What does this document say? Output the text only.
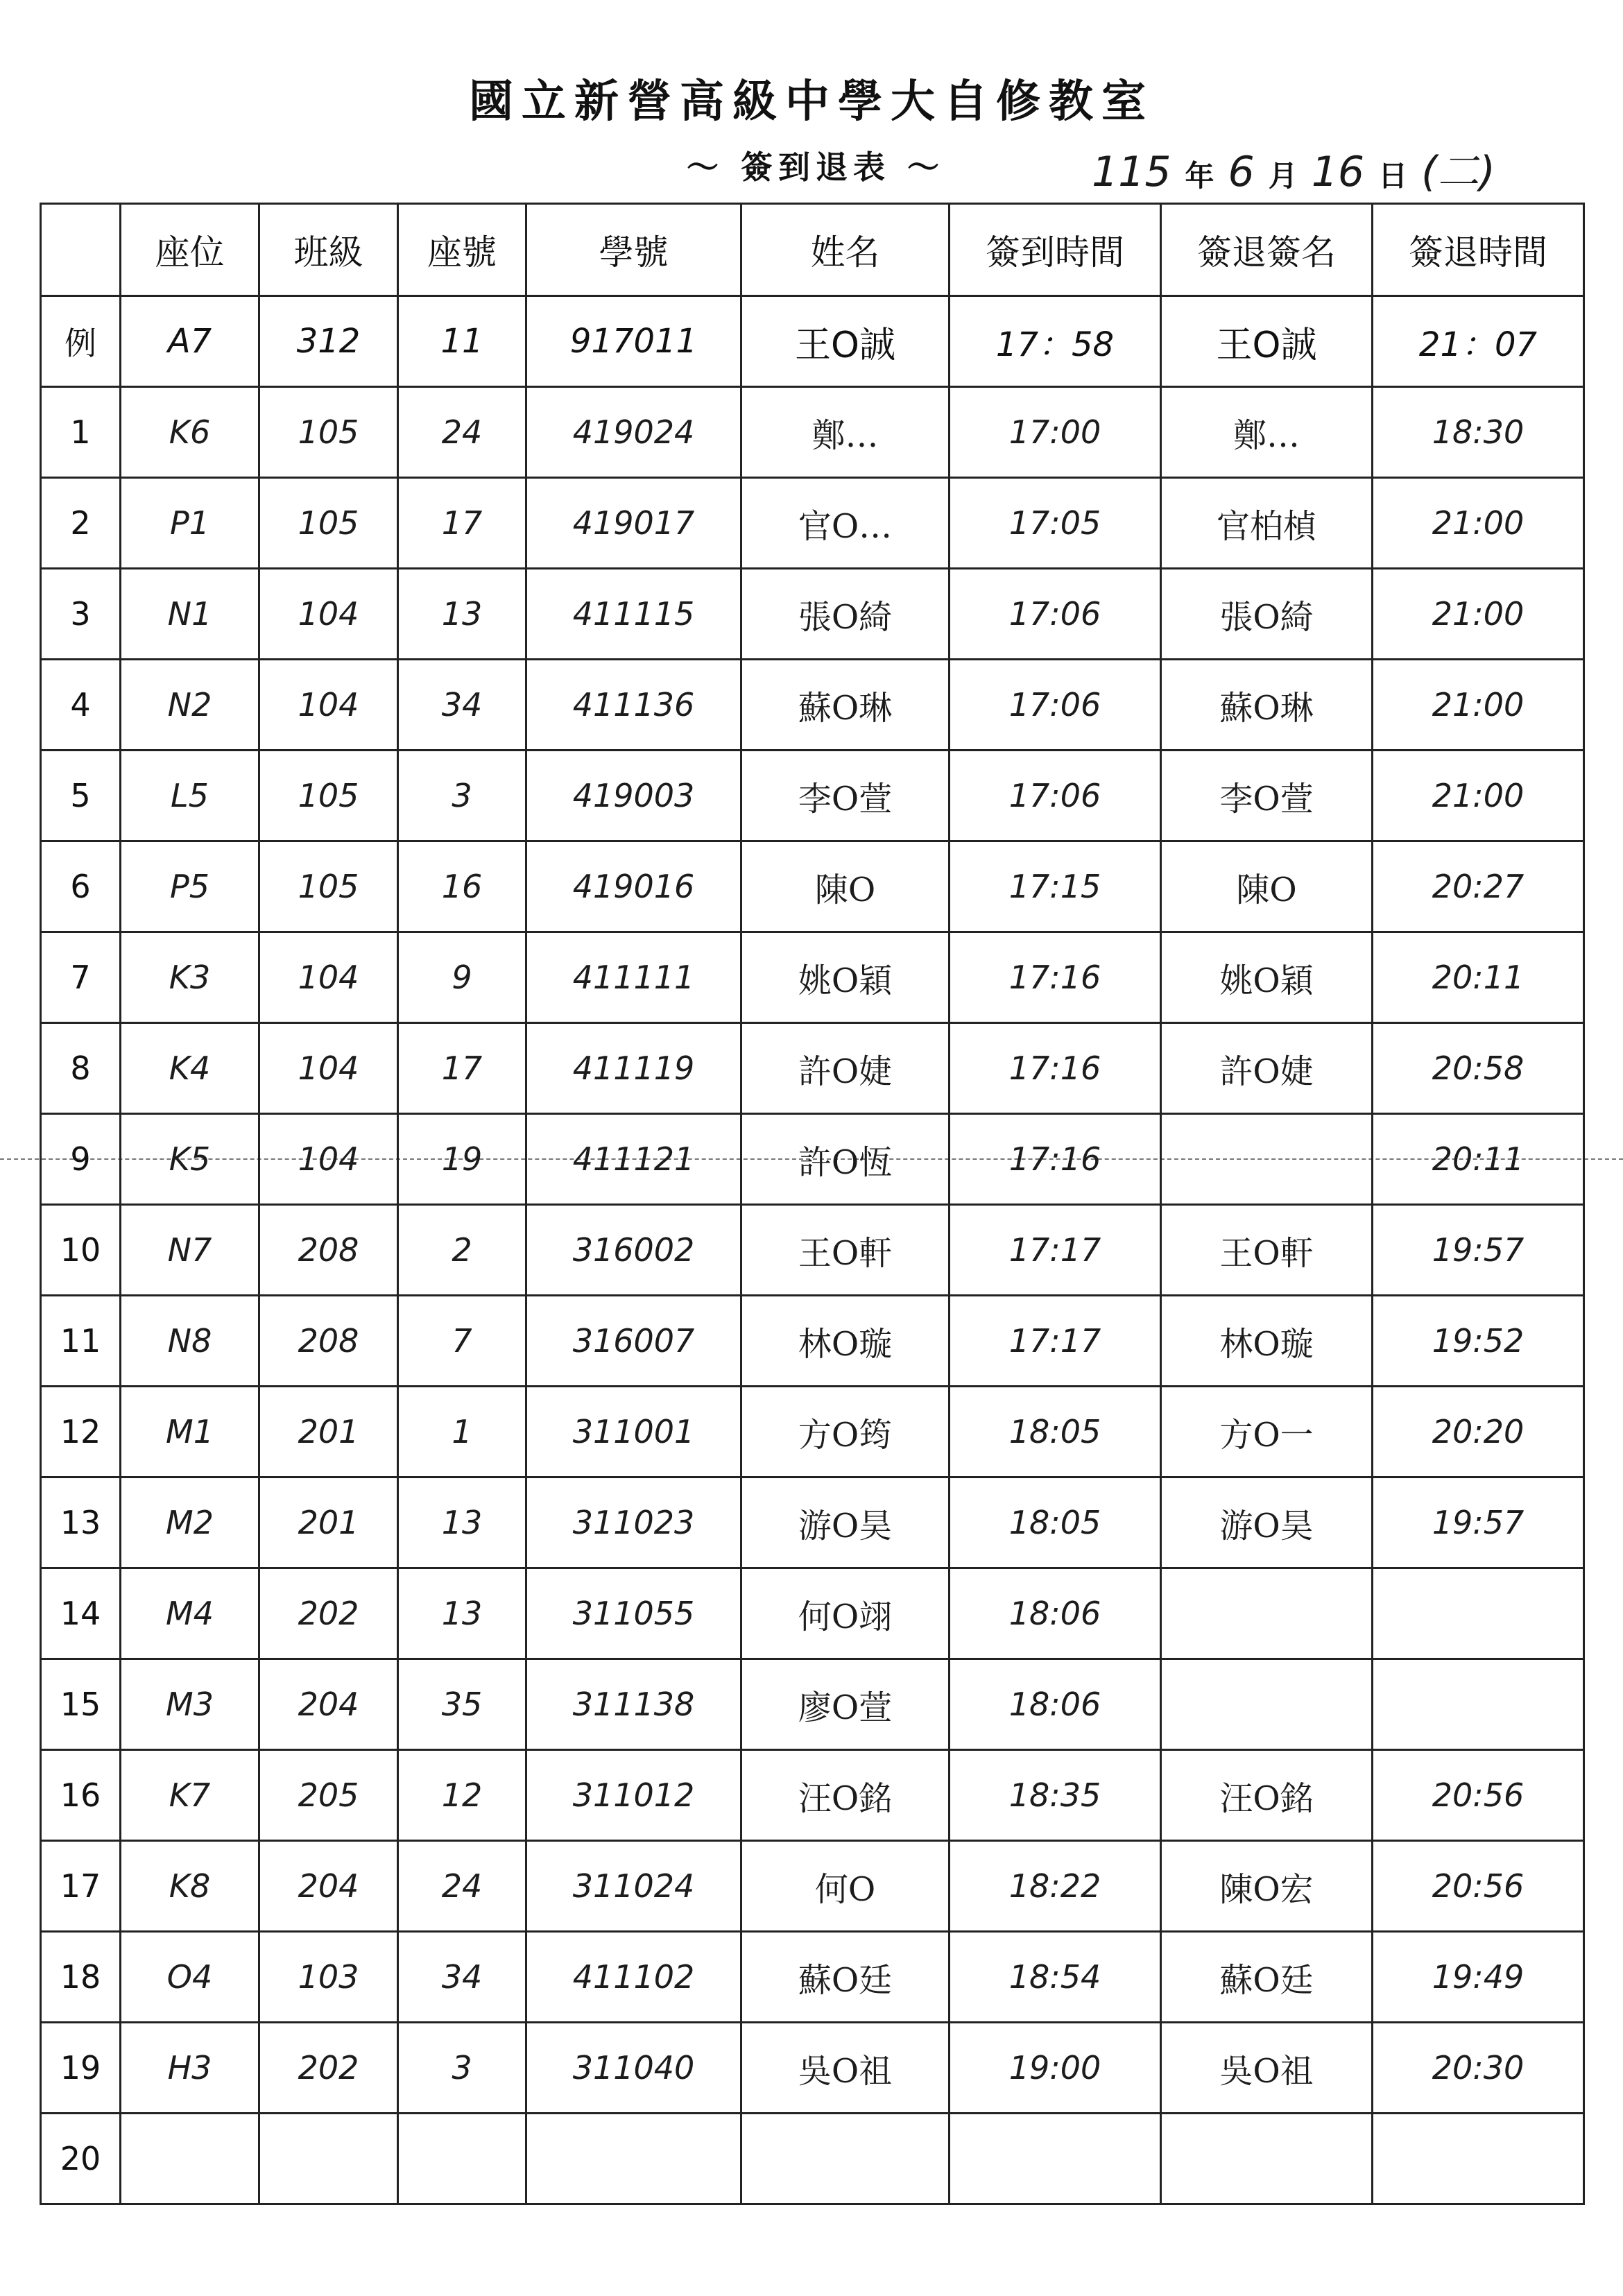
國立新營高級中學大自修教室
～ 簽到退表 ～	115 年 6 月 16 日 (二)
	座位	班級	座號	學號	姓名	簽到時間	簽退簽名	簽退時間
例	A7	312	11	917011	王O誠	17：58	王O誠	21：07
1	K6	105	24	419024	鄭…	17:00	鄭…	18:30
2	P1	105	17	419017	官O…	17:05	官柏楨	21:00
3	N1	104	13	411115	張O綺	17:06	張O綺	21:00
4	N2	104	34	411136	蘇O琳	17:06	蘇O琳	21:00
5	L5	105	3	419003	李O萱	17:06	李O萱	21:00
6	P5	105	16	419016	陳O	17:15	陳O	20:27
7	K3	104	9	411111	姚O穎	17:16	姚O穎	20:11
8	K4	104	17	411119	許O婕	17:16	許O婕	20:58
9	K5	104	19	411121	許O恆	17:16		20:11
10	N7	208	2	316002	王O軒	17:17	王O軒	19:57
11	N8	208	7	316007	林O璇	17:17	林O璇	19:52
12	M1	201	1	311001	方O筠	18:05	方O一	20:20
13	M2	201	13	311023	游O昊	18:05	游O昊	19:57
14	M4	202	13	311055	何O翊	18:06		
15	M3	204	35	311138	廖O萱	18:06		
16	K7	205	12	311012	汪O銘	18:35	汪O銘	20:56
17	K8	204	24	311024	何O	18:22	陳O宏	20:56
18	O4	103	34	411102	蘇O廷	18:54	蘇O廷	19:49
19	H3	202	3	311040	吳O祖	19:00	吳O祖	20:30
20								
